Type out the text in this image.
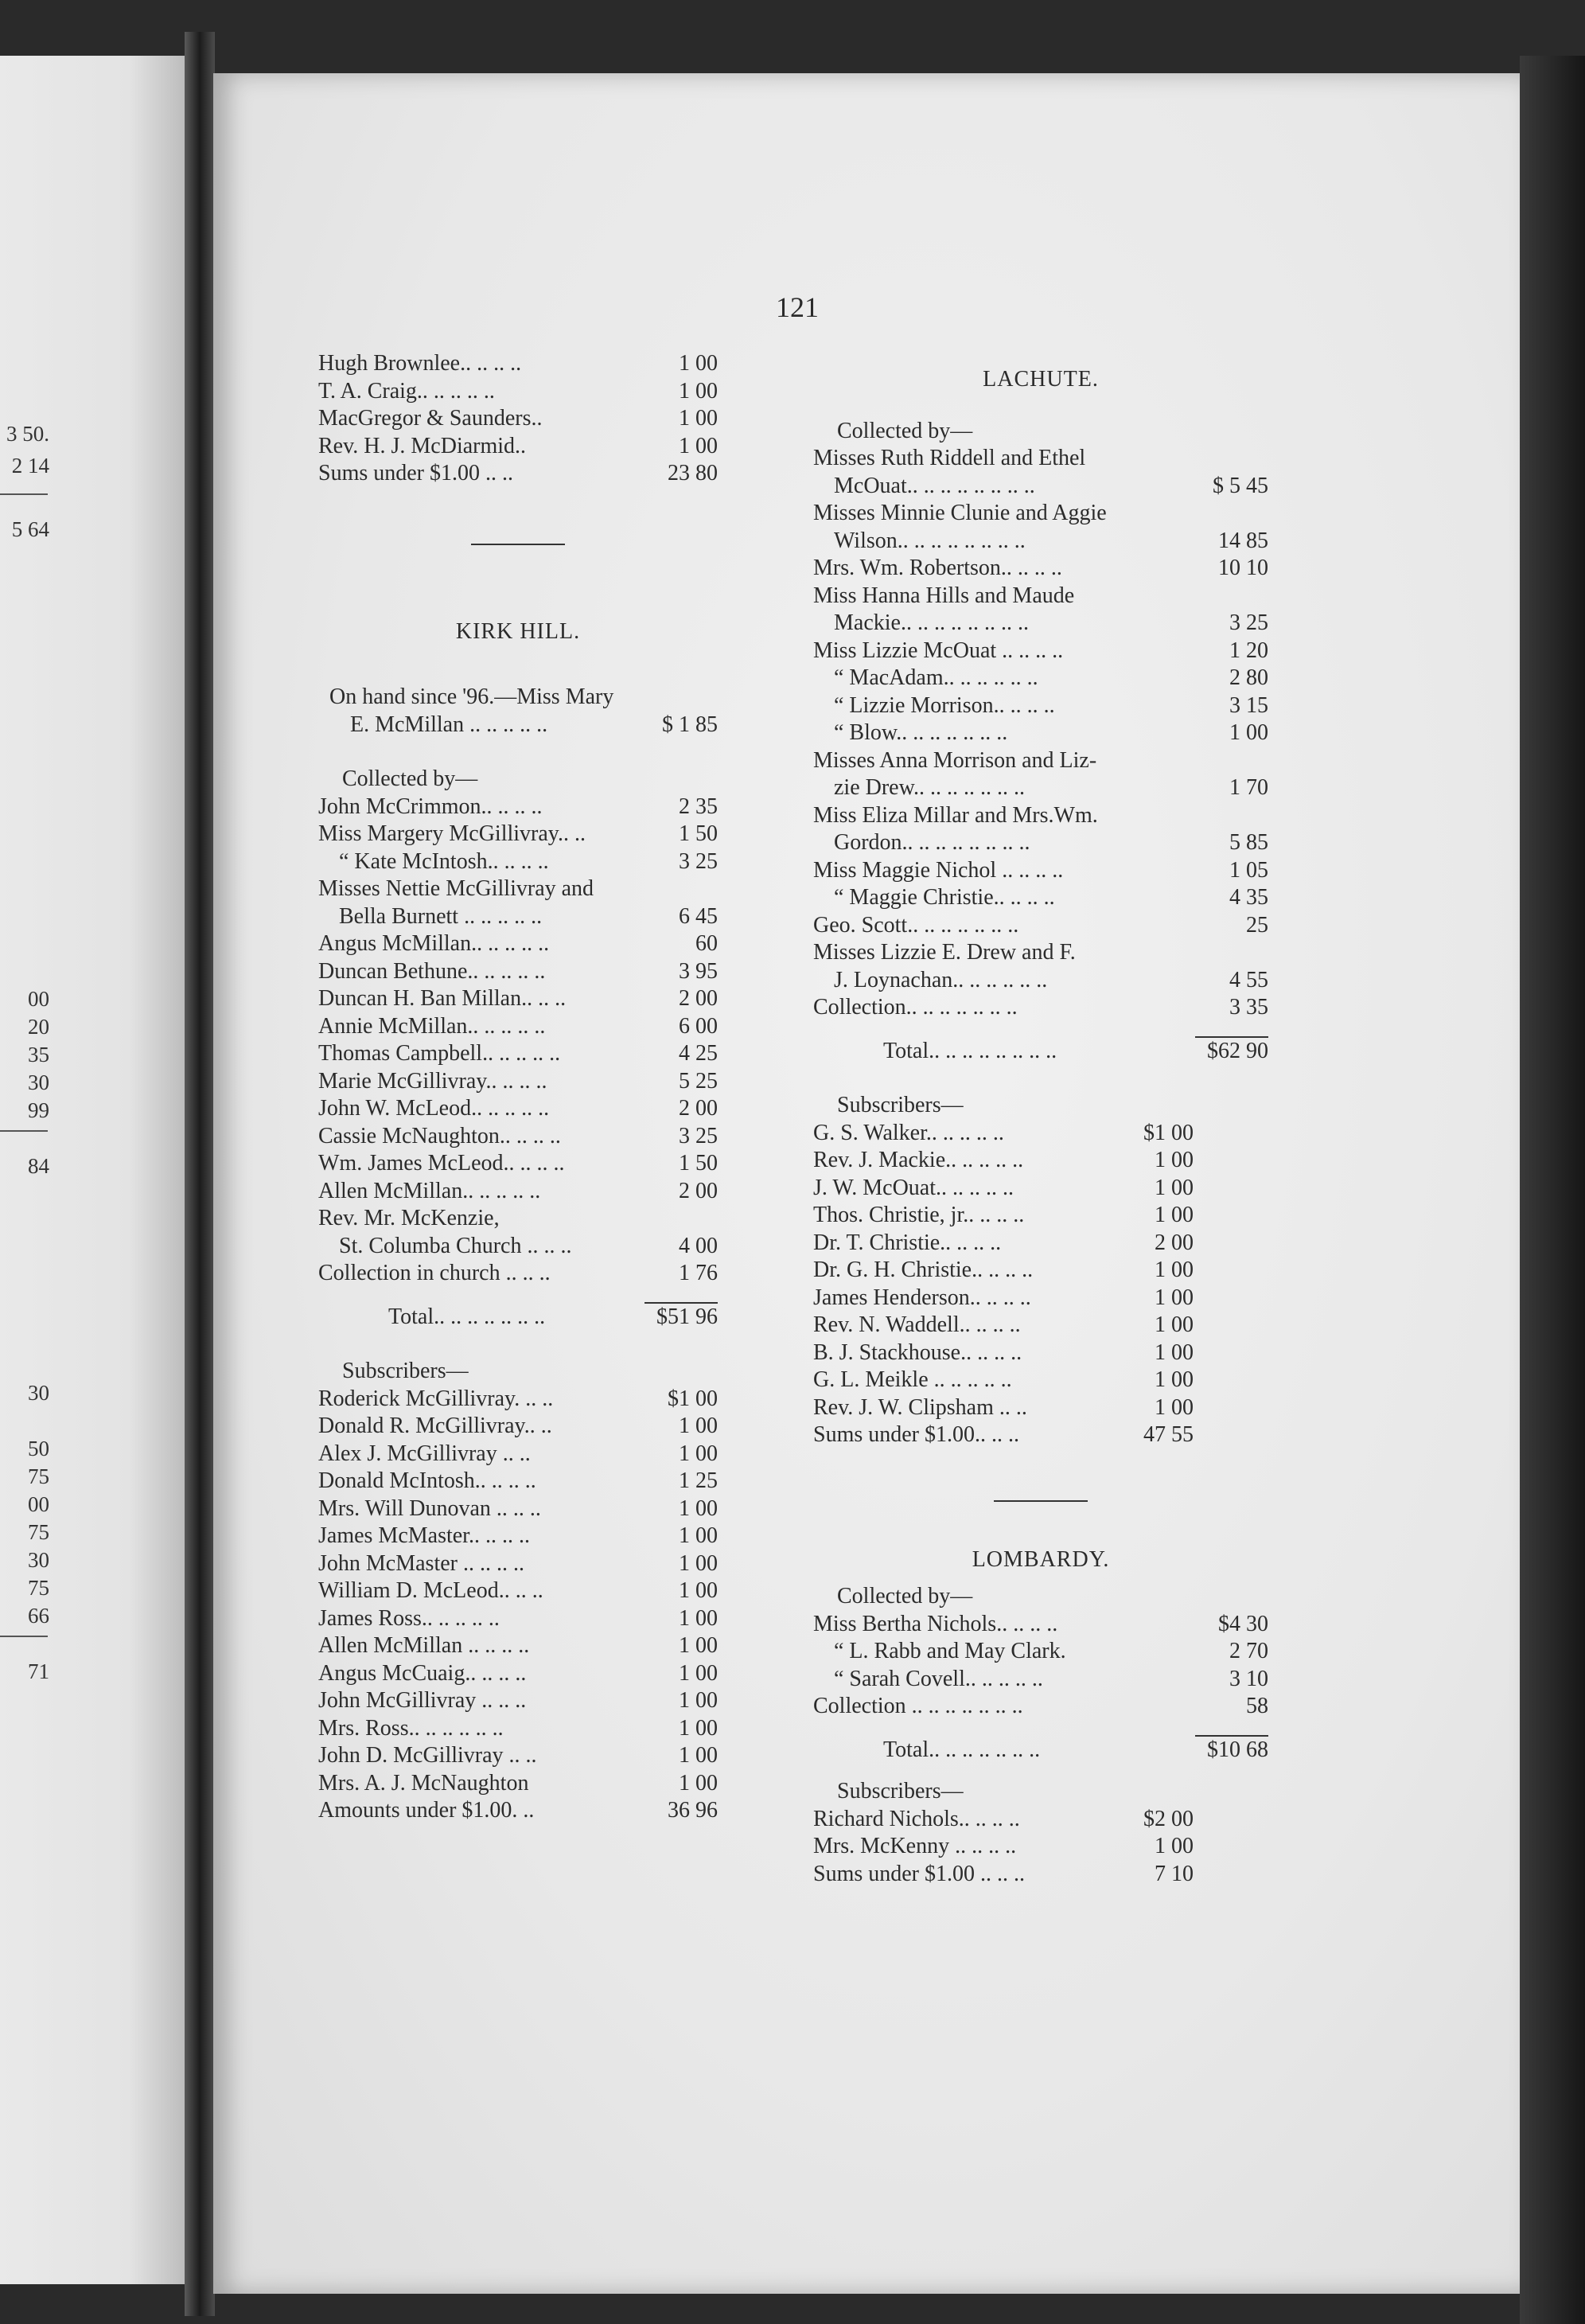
3 50.
2 14
5 64
00
20
35
30
99
84
30
50
75
00
75
30
75
66
71
121
Hugh Brownlee.. .. .. ..	1 00
T. A. Craig.. .. .. .. ..	1 00
MacGregor & Saunders..	1 00
Rev. H. J. McDiarmid..	1 00
Sums under $1.00 .. ..	23 80
KIRK HILL.
On hand since '96.—Miss Mary
E. McMillan .. .. .. .. ..	$ 1 85
Collected by—
John McCrimmon.. .. .. ..	2 35
Miss Margery McGillivray.. ..	1 50
“ Kate McIntosh.. .. .. ..	3 25
Misses Nettie McGillivray and
Bella Burnett .. .. .. .. ..	6 45
Angus McMillan.. .. .. .. ..	60
Duncan Bethune.. .. .. .. ..	3 95
Duncan H. Ban Millan.. .. ..	2 00
Annie McMillan.. .. .. .. ..	6 00
Thomas Campbell.. .. .. .. ..	4 25
Marie McGillivray.. .. .. ..	5 25
John W. McLeod.. .. .. .. ..	2 00
Cassie McNaughton.. .. .. ..	3 25
Wm. James McLeod.. .. .. ..	1 50
Allen McMillan.. .. .. .. ..	2 00
Rev. Mr. McKenzie,
St. Columba Church .. .. ..	4 00
Collection in church .. .. ..	1 76
Total.. .. .. .. .. .. ..	$51 96
Subscribers—
Roderick McGillivray. .. ..	$1 00
Donald R. McGillivray.. ..	1 00
Alex J. McGillivray .. ..	1 00
Donald McIntosh.. .. .. ..	1 25
Mrs. Will Dunovan .. .. ..	1 00
James McMaster.. .. .. ..	1 00
John McMaster .. .. .. ..	1 00
William D. McLeod.. .. ..	1 00
James Ross.. .. .. .. ..	1 00
Allen McMillan .. .. .. ..	1 00
Angus McCuaig.. .. .. ..	1 00
John McGillivray .. .. ..	1 00
Mrs. Ross.. .. .. .. .. ..	1 00
John D. McGillivray .. ..	1 00
Mrs. A. J. McNaughton	1 00
Amounts under $1.00. ..	36 96
LACHUTE.
Collected by—
Misses Ruth Riddell and Ethel
McOuat.. .. .. .. .. .. .. ..	$ 5 45
Misses Minnie Clunie and Aggie
Wilson.. .. .. .. .. .. .. ..	14 85
Mrs. Wm. Robertson.. .. .. ..	10 10
Miss Hanna Hills and Maude
Mackie.. .. .. .. .. .. .. ..	3 25
Miss Lizzie McOuat .. .. .. ..	1 20
“ MacAdam.. .. .. .. .. ..	2 80
“ Lizzie Morrison.. .. .. ..	3 15
“ Blow.. .. .. .. .. .. ..	1 00
Misses Anna Morrison and Liz-
zie Drew.. .. .. .. .. .. ..	1 70
Miss Eliza Millar and Mrs.Wm.
Gordon.. .. .. .. .. .. .. ..	5 85
Miss Maggie Nichol .. .. .. ..	1 05
“ Maggie Christie.. .. .. ..	4 35
Geo. Scott.. .. .. .. .. .. ..	25
Misses Lizzie E. Drew and F.
J. Loynachan.. .. .. .. .. ..	4 55
Collection.. .. .. .. .. .. ..	3 35
Total.. .. .. .. .. .. .. ..	$62 90
Subscribers—
G. S. Walker.. .. .. .. ..	$1 00
Rev. J. Mackie.. .. .. .. ..	1 00
J. W. McOuat.. .. .. .. ..	1 00
Thos. Christie, jr.. .. .. ..	1 00
Dr. T. Christie.. .. .. ..	2 00
Dr. G. H. Christie.. .. .. ..	1 00
James Henderson.. .. .. ..	1 00
Rev. N. Waddell.. .. .. ..	1 00
B. J. Stackhouse.. .. .. ..	1 00
G. L. Meikle .. .. .. .. ..	1 00
Rev. J. W. Clipsham .. ..	1 00
Sums under $1.00.. .. ..	47 55
LOMBARDY.
Collected by—
Miss Bertha Nichols.. .. .. ..	$4 30
“ L. Rabb and May Clark.	2 70
“ Sarah Covell.. .. .. .. ..	3 10
Collection .. .. .. .. .. .. ..	58
Total.. .. .. .. .. .. ..	$10 68
Subscribers—
Richard Nichols.. .. .. ..	$2 00
Mrs. McKenny .. .. .. ..	1 00
Sums under $1.00 .. .. ..	7 10
